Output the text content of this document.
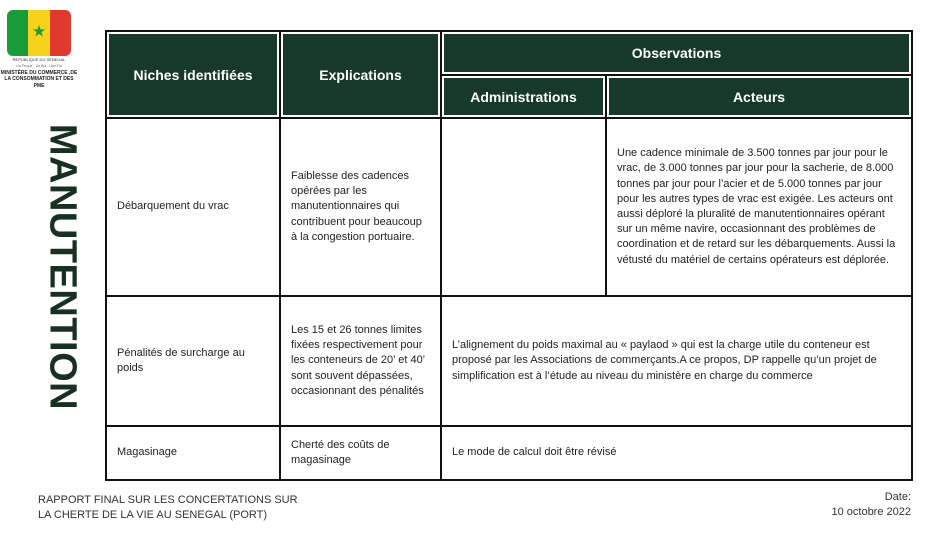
★
REPUBLIQUE DU SENEGAL
Un Peuple - Un But - Une Foi
MINISTÈRE DU COMMERCE ,DE LA CONSOMMATION ET DES PME
MANUTENTION
Niches identifiées	Explications	Observations	
		Administrations	Acteurs
Débarquement du vrac	Faiblesse des cadences opérées par les manutentionnaires qui contribuent pour beaucoup à la congestion portuaire.		Une cadence minimale de 3.500 tonnes par jour pour le vrac, de 3.000 tonnes par jour pour la sacherie, de 8.000 tonnes par jour pour l’acier et de 5.000 tonnes par jour pour les autres types de vrac est exigée. Les acteurs ont aussi déploré la pluralité de manutentionnaires opérant sur un même navire, occasionnant des problèmes de coordination et de retard sur les débarquements. Aussi la vétusté du matériel de certains opérateurs est déplorée.
Pénalités de surcharge au poids	Les 15 et 26 tonnes limites fixées respectivement pour les conteneurs de 20’ et 40’ sont souvent dépassées, occasionnant des pénalités	L’alignement du poids maximal au « paylaod » qui est la charge utile du conteneur est proposé par les Associations de commerçants.A ce propos, DP rappelle qu’un projet de simplification est à l’étude au niveau du ministère en charge du commerce	
Magasinage	Cherté des coûts de magasinage	Le mode de calcul doit être révisé	
RAPPORT FINAL SUR LES CONCERTATIONS SUR
LA CHERTE DE LA VIE AU SENEGAL (PORT)
Date:
10 octobre 2022
